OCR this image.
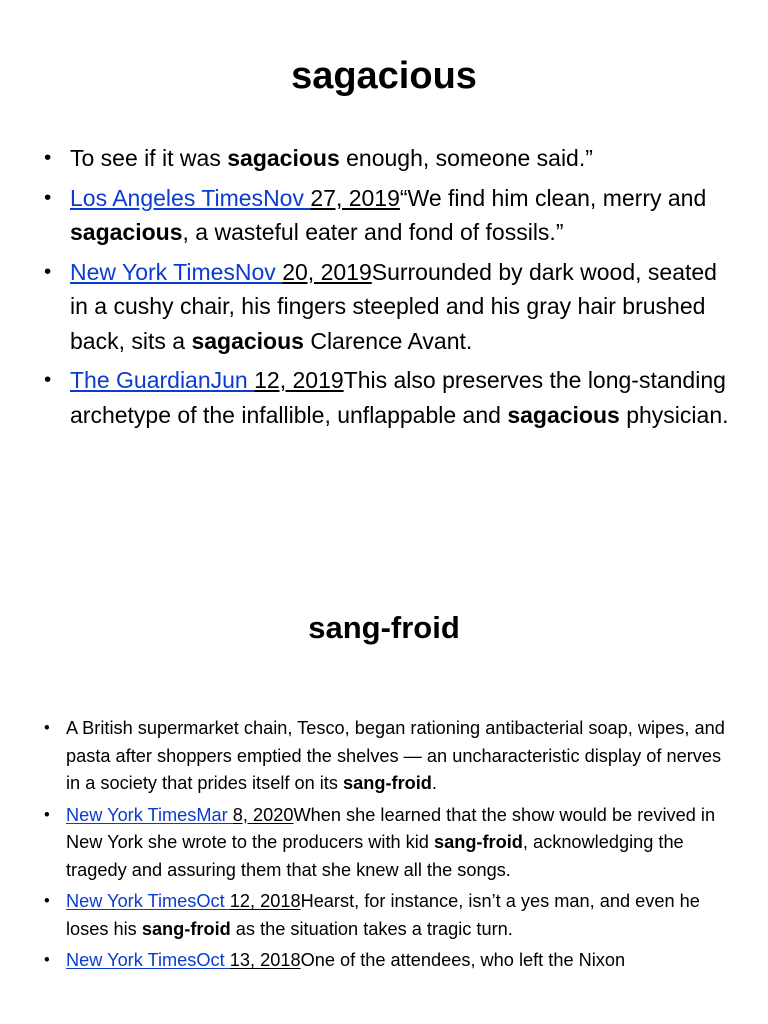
sagacious
• To see if it was sagacious enough, someone said.”
• Los Angeles TimesNov 27, 2019“We find him clean, merry and sagacious, a wasteful eater and fond of fossils.”
• New York TimesNov 20, 2019Surrounded by dark wood, seated in a cushy chair, his fingers steepled and his gray hair brushed back, sits a sagacious Clarence Avant.
• The GuardianJun 12, 2019This also preserves the long-standing archetype of the infallible, unflappable and sagacious physician.
sang-froid
• A British supermarket chain, Tesco, began rationing antibacterial soap, wipes, and pasta after shoppers emptied the shelves — an uncharacteristic display of nerves in a society that prides itself on its sang-froid.
• New York TimesMar 8, 2020When she learned that the show would be revived in New York she wrote to the producers with kid sang-froid, acknowledging the tragedy and assuring them that she knew all the songs.
• New York TimesOct 12, 2018Hearst, for instance, isn’t a yes man, and even he loses his sang-froid as the situation takes a tragic turn.
• New York TimesOct 13, 2018One of the attendees, who left the Nixon
